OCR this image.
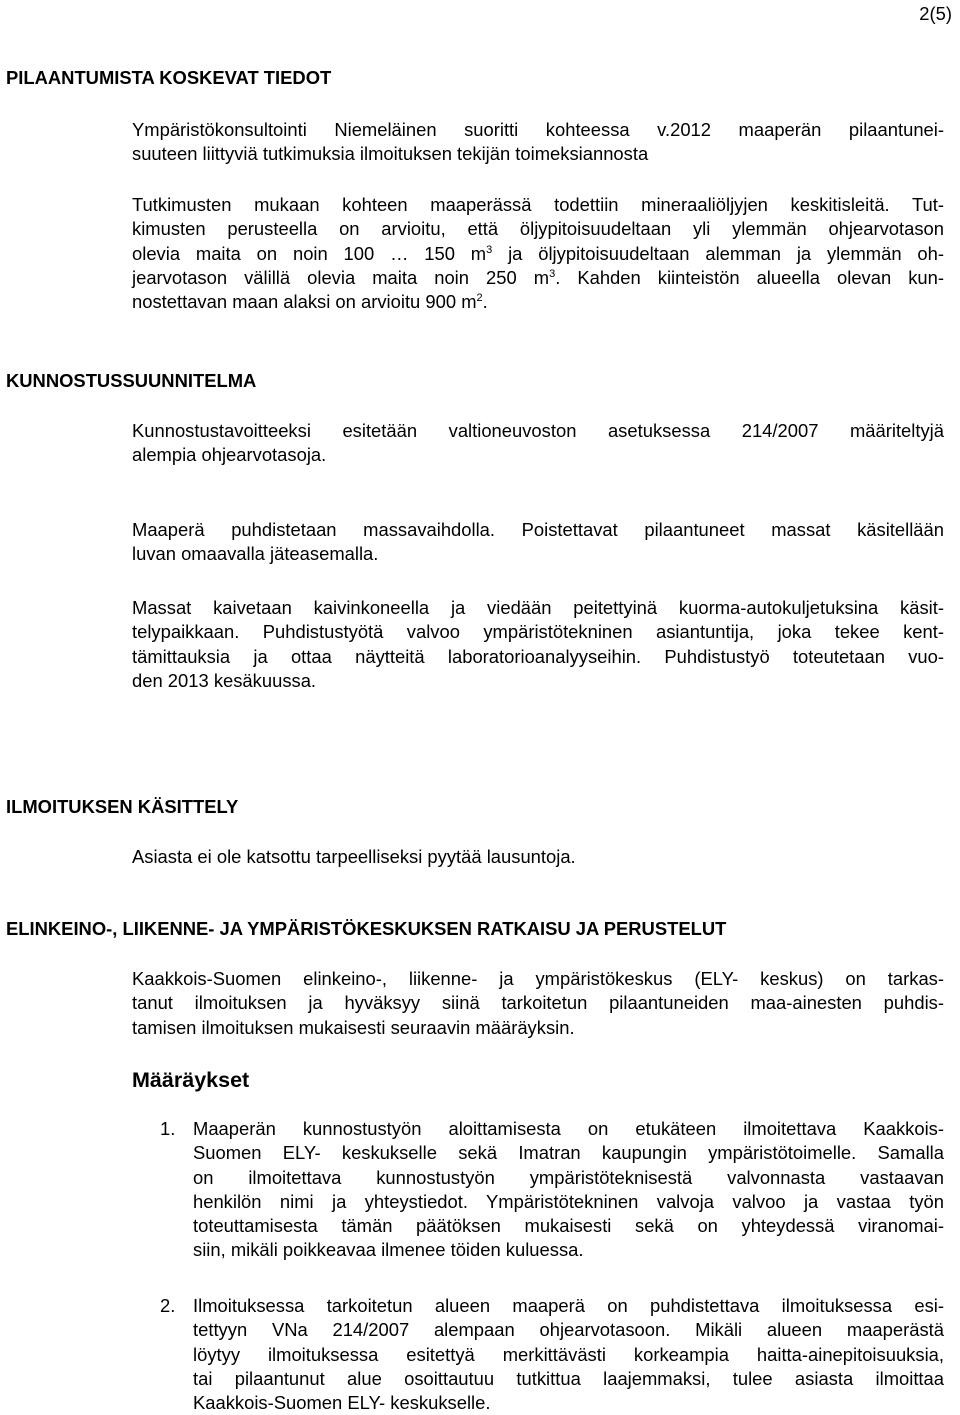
2(5)
PILAANTUMISTA KOSKEVAT TIEDOT
Ympäristökonsultointi Niemeläinen suoritti kohteessa v.2012 maaperän pilaantunei-
suuteen liittyviä tutkimuksia ilmoituksen tekijän toimeksiannosta
Tutkimusten mukaan kohteen maaperässä todettiin mineraaliöljyjen keskitisleitä. Tut-
kimusten perusteella on arvioitu, että öljypitoisuudeltaan yli ylemmän ohjearvotason
olevia maita on noin 100 … 150 $m^3$ ja öljypitoisuudeltaan alemman ja ylemmän oh-
jearvotason välillä olevia maita noin 250 $m^3$. Kahden kiinteistön alueella olevan kun-
nostettavan maan alaksi on arvioitu 900 $m^2$.
KUNNOSTUSSUUNNITELMA
Kunnostustavoitteeksi esitetään valtioneuvoston asetuksessa 214/2007 määriteltyjä
alempia ohjearvotasoja.
Maaperä puhdistetaan massavaihdolla. Poistettavat pilaantuneet massat käsitellään
luvan omaavalla jäteasemalla.
Massat kaivetaan kaivinkoneella ja viedään peitettyinä kuorma-autokuljetuksina käsit-
telypaikkaan. Puhdistustyötä valvoo ympäristötekninen asiantuntija, joka tekee kent-
tämittauksia ja ottaa näytteitä laboratorioanalyyseihin. Puhdistustyö toteutetaan vuo-
den 2013 kesäkuussa.
ILMOITUKSEN KÄSITTELY
Asiasta ei ole katsottu tarpeelliseksi pyytää lausuntoja.
ELINKEINO-, LIIKENNE- JA YMPÄRISTÖKESKUKSEN RATKAISU JA PERUSTELUT
Kaakkois-Suomen elinkeino-, liikenne- ja ympäristökeskus (ELY- keskus) on tarkas-
tanut ilmoituksen ja hyväksyy siinä tarkoitetun pilaantuneiden maa-ainesten puhdis-
tamisen ilmoituksen mukaisesti seuraavin määräyksin.
Määräykset
1. Maaperän kunnostustyön aloittamisesta on etukäteen ilmoitettava Kaakkois-
Suomen ELY- keskukselle sekä Imatran kaupungin ympäristötoimelle. Samalla
on ilmoitettava kunnostustyön ympäristöteknisestä valvonnasta vastaavan
henkilön nimi ja yhteystiedot. Ympäristötekninen valvoja valvoo ja vastaa työn
toteuttamisesta tämän päätöksen mukaisesti sekä on yhteydessä viranomai-
siin, mikäli poikkeavaa ilmenee töiden kuluessa.
2. Ilmoituksessa tarkoitetun alueen maaperä on puhdistettava ilmoituksessa esi-
tettyyn VNa 214/2007 alempaan ohjearvotasoon. Mikäli alueen maaperästä
löytyy ilmoituksessa esitettyä merkittävästi korkeampia haitta-ainepitoisuuksia,
tai pilaantunut alue osoittautuu tutkittua laajemmaksi, tulee asiasta ilmoittaa
Kaakkois-Suomen ELY- keskukselle.
